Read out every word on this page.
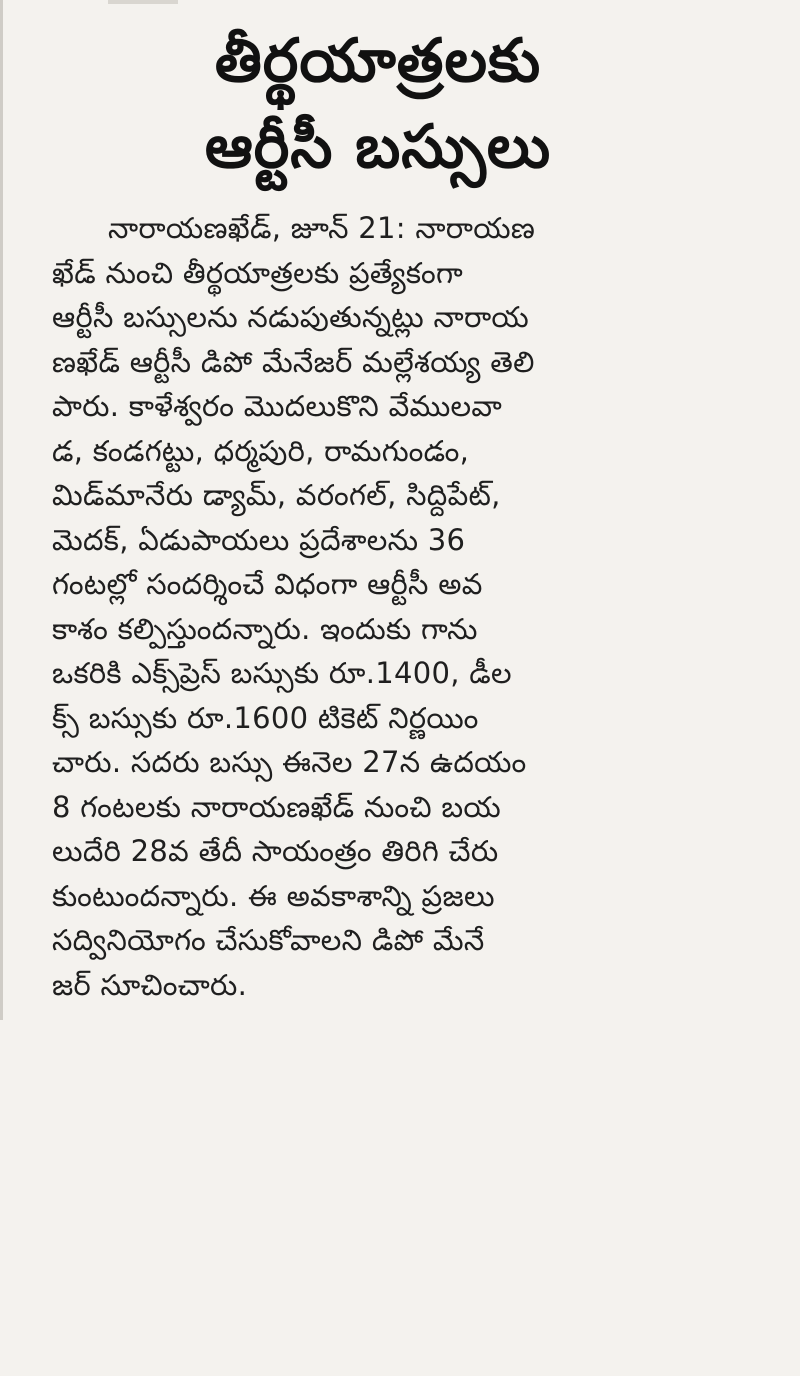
తీర్థయాత్రలకు
ఆర్టీసీ బస్సులు
నారాయణఖేడ్, జూన్ 21: నారాయణ
ఖేడ్ నుంచి తీర్థయాత్రలకు ప్రత్యేకంగా
ఆర్టీసీ బస్సులను నడుపుతున్నట్లు నారాయ
ణఖేడ్ ఆర్టీసీ డిపో మేనేజర్ మల్లేశయ్య తెలి
పారు. కాళేశ్వరం మొదలుకొని వేములవా
డ, కండగట్టు, ధర్మపురి, రామగుండం,
మిడ్‌మానేరు డ్యామ్, వరంగల్, సిద్దిపేట్,
మెదక్, ఏడుపాయలు ప్రదేశాలను 36
గంటల్లో సందర్శించే విధంగా ఆర్టీసీ అవ
కాశం కల్పిస్తుందన్నారు. ఇందుకు గాను
ఒకరికి ఎక్స్‌ప్రెస్ బస్సుకు రూ.1400, డీల
క్స్ బస్సుకు రూ.1600 టికెట్ నిర్ణయిం
చారు. సదరు బస్సు ఈనెల 27న ఉదయం
8 గంటలకు నారాయణఖేడ్ నుంచి బయ
లుదేరి 28వ తేదీ సాయంత్రం తిరిగి చేరు
కుంటుందన్నారు. ఈ అవకాశాన్ని ప్రజలు
సద్వినియోగం చేసుకోవాలని డిపో మేనే
జర్ సూచించారు.
